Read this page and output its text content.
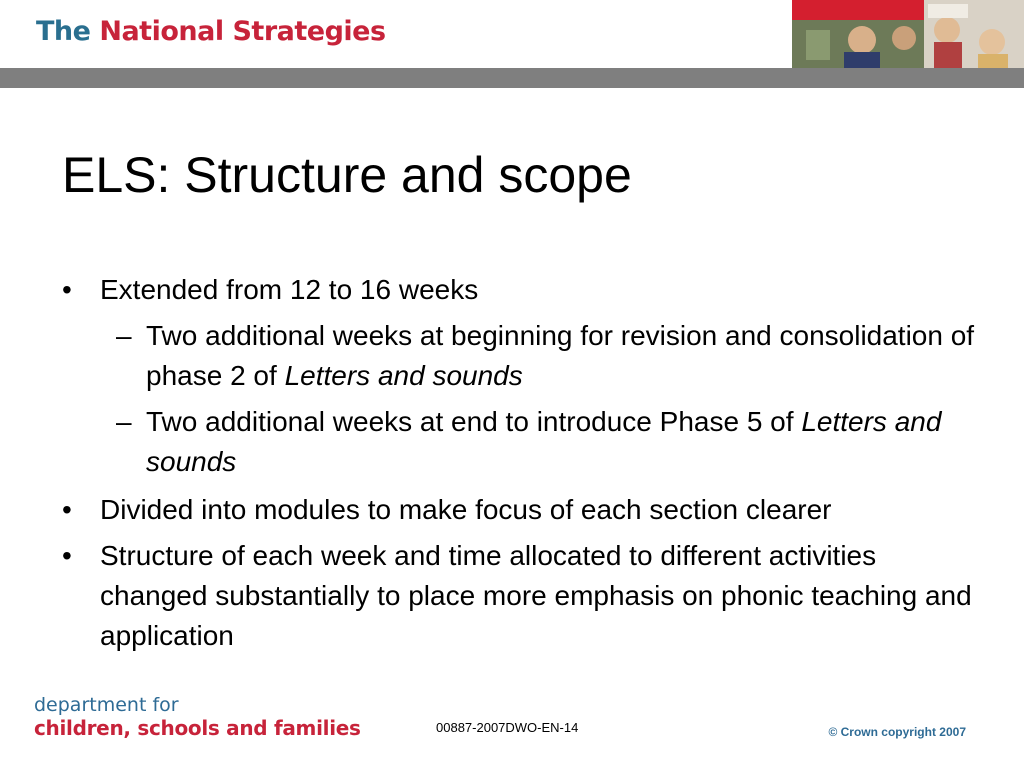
The National Strategies
ELS: Structure and scope
• Extended from 12 to 16 weeks
– Two additional weeks at beginning for revision and consolidation of phase 2 of Letters and sounds
– Two additional weeks at end to introduce Phase 5 of Letters and sounds
• Divided into modules to make focus of each section clearer
• Structure of each week and time allocated to different activities changed substantially to place more emphasis on phonic teaching and application
department for
children, schools and families	00887-2007DWO-EN-14	© Crown copyright 2007
